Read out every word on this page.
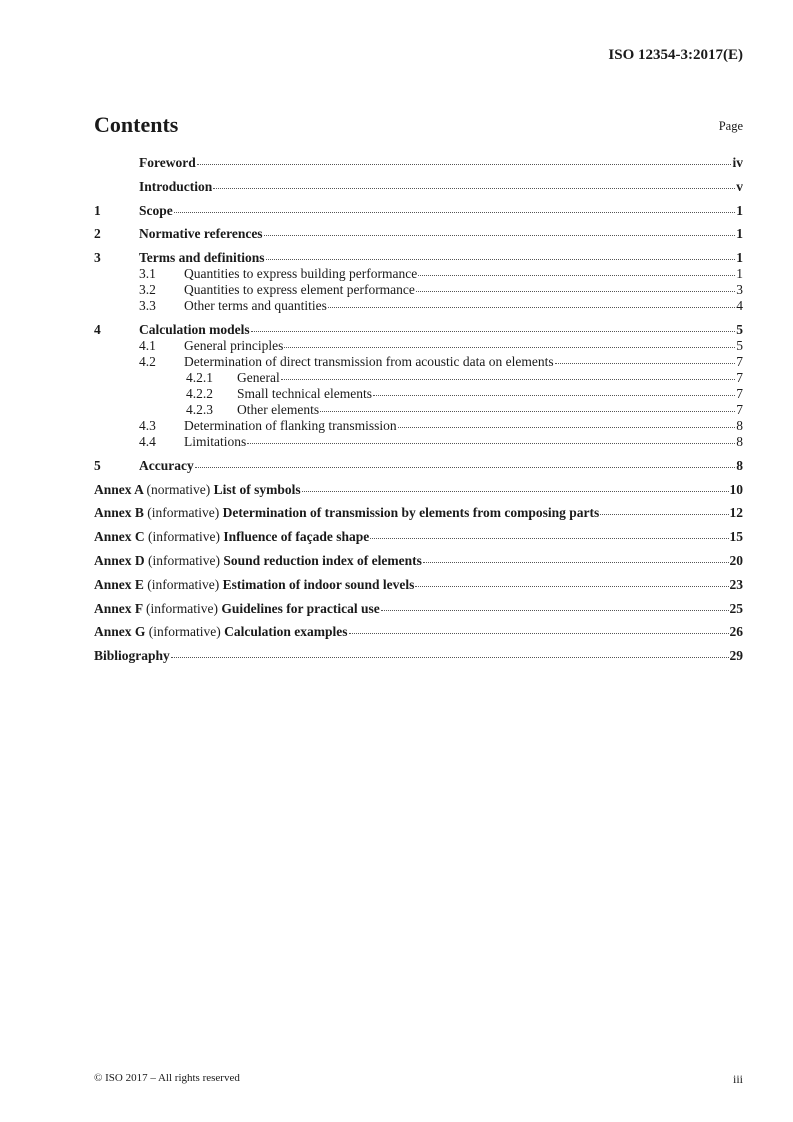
ISO 12354-3:2017(E)
Contents	Page
Foreword	iv
Introduction	v
1	Scope	1
2	Normative references	1
3	Terms and definitions	1
3.1	Quantities to express building performance	1
3.2	Quantities to express element performance	3
3.3	Other terms and quantities	4
4	Calculation models	5
4.1	General principles	5
4.2	Determination of direct transmission from acoustic data on elements	7
4.2.1	General	7
4.2.2	Small technical elements	7
4.2.3	Other elements	7
4.3	Determination of flanking transmission	8
4.4	Limitations	8
5	Accuracy	8
Annex A (normative) List of symbols	10
Annex B (informative) Determination of transmission by elements from composing parts	12
Annex C (informative) Influence of façade shape	15
Annex D (informative) Sound reduction index of elements	20
Annex E (informative) Estimation of indoor sound levels	23
Annex F (informative) Guidelines for practical use	25
Annex G (informative) Calculation examples	26
Bibliography	29
© ISO 2017 – All rights reserved	iii
